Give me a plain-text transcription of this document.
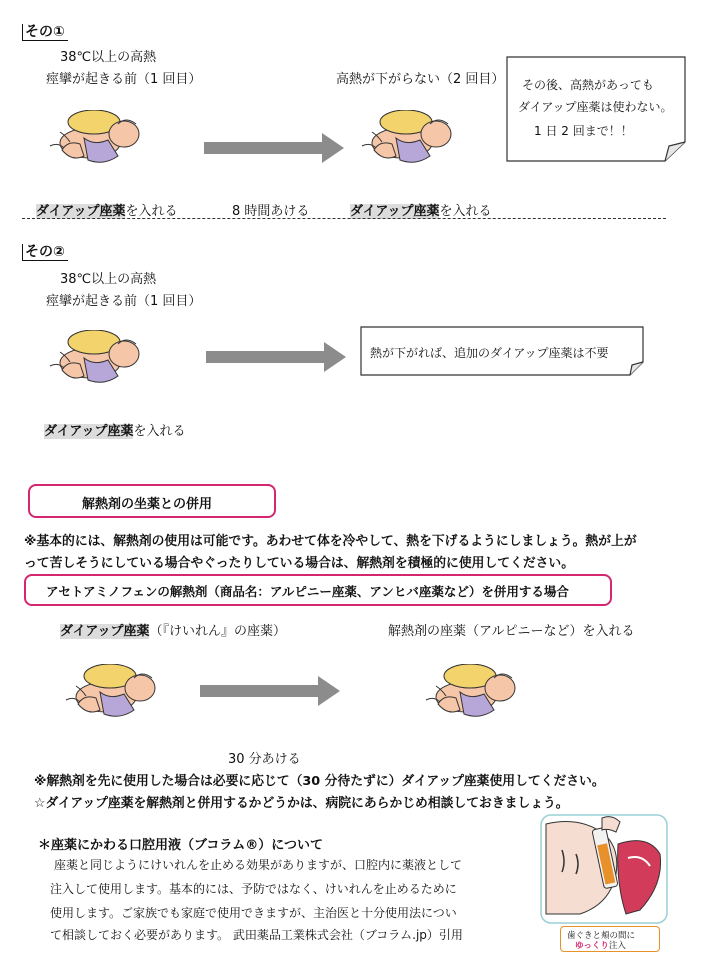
その①
38℃以上の高熱
痙攣が起きる前（1 回目）	高熱が下がらない（2 回目） その後、高熱があっても
ダイアップ座薬は使わない。
1 日 2 回まで！！
ダイアップ座薬を入れる	8 時間あける	ダイアップ座薬を入れる
その②
38℃以上の高熱
痙攣が起きる前（1 回目）
熱が下がれば、追加のダイアップ座薬は不要
ダイアップ座薬を入れる
解熱剤の坐薬との併用
※基本的には、解熱剤の使用は可能です。あわせて体を冷やして、熱を下げるようにしましょう。熱が上が
って苦しそうにしている場合やぐったりしている場合は、解熱剤を積極的に使用してください。
アセトアミノフェンの解熱剤（商品名：アルピニー座薬、アンヒバ座薬など）を併用する場合
ダイアップ座薬（『けいれん』の座薬）	解熱剤の座薬（アルピニーなど）を入れる
30 分あける
※解熱剤を先に使用した場合は必要に応じて（30 分待たずに）ダイアップ座薬使用してください。
☆ダイアップ座薬を解熱剤と併用するかどうかは、病院にあらかじめ相談しておきましょう。
＊座薬にかわる口腔用液（ブコラム®）について
座薬と同じようにけいれんを止める効果がありますが、口腔内に薬液として
注入して使用します。基本的には、予防ではなく、けいれんを止めるために
使用します。ご家族でも家庭で使用できますが、主治医と十分使用法につい
て相談しておく必要があります。 武田薬品工業株式会社（ブコラム.jp）引用	歯ぐきと頬の間に
ゆっくり注入
